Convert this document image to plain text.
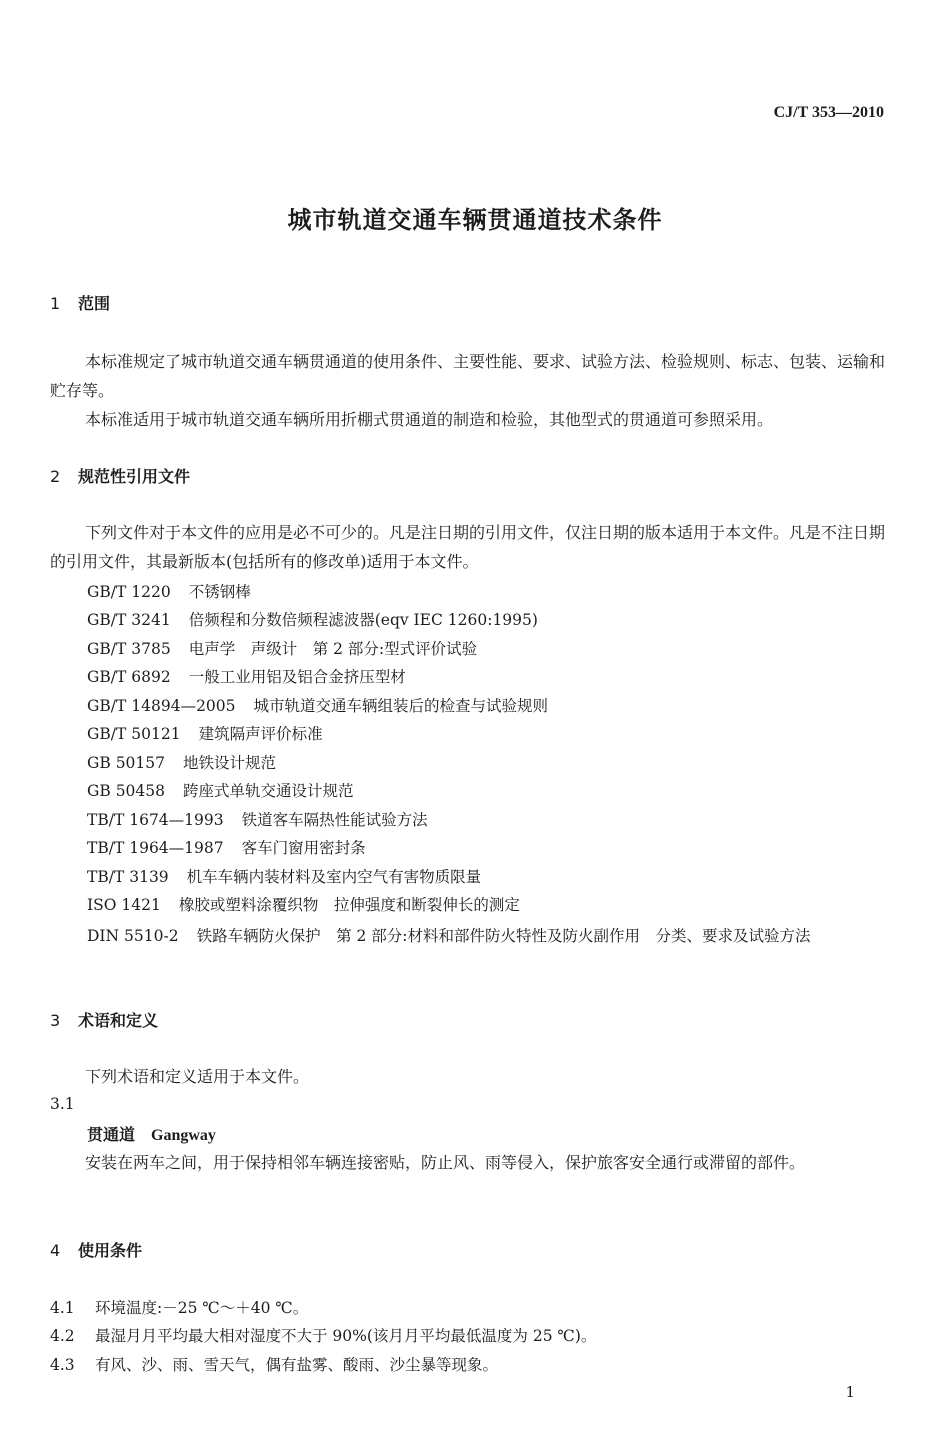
CJ/T 353—2010
城市轨道交通车辆贯通道技术条件
1 范围
本标准规定了城市轨道交通车辆贯通道的使用条件、主要性能、要求、试验方法、检验规则、标志、包装、运输和贮存等。
本标准适用于城市轨道交通车辆所用折棚式贯通道的制造和检验，其他型式的贯通道可参照采用。
2 规范性引用文件
下列文件对于本文件的应用是必不可少的。凡是注日期的引用文件，仅注日期的版本适用于本文件。凡是不注日期的引用文件，其最新版本(包括所有的修改单)适用于本文件。
GB/T 1220 不锈钢棒
GB/T 3241 倍频程和分数倍频程滤波器(eqv IEC 1260:1995)
GB/T 3785 电声学　声级计　第 2 部分:型式评价试验
GB/T 6892 一般工业用铝及铝合金挤压型材
GB/T 14894—2005 城市轨道交通车辆组装后的检查与试验规则
GB/T 50121 建筑隔声评价标准
GB 50157 地铁设计规范
GB 50458 跨座式单轨交通设计规范
TB/T 1674—1993 铁道客车隔热性能试验方法
TB/T 1964—1987 客车门窗用密封条
TB/T 3139 机车车辆内装材料及室内空气有害物质限量
ISO 1421 橡胶或塑料涂覆织物　拉伸强度和断裂伸长的测定
DIN 5510-2 铁路车辆防火保护　第 2 部分:材料和部件防火特性及防火副作用　分类、要求及试验方法
3 术语和定义
下列术语和定义适用于本文件。
3.1
贯通道 Gangway
安装在两车之间，用于保持相邻车辆连接密贴，防止风、雨等侵入，保护旅客安全通行或滞留的部件。
4 使用条件
4.1 环境温度:－25 ℃～＋40 ℃。
4.2 最湿月月平均最大相对湿度不大于 90%(该月月平均最低温度为 25 ℃)。
4.3 有风、沙、雨、雪天气，偶有盐雾、酸雨、沙尘暴等现象。
1
